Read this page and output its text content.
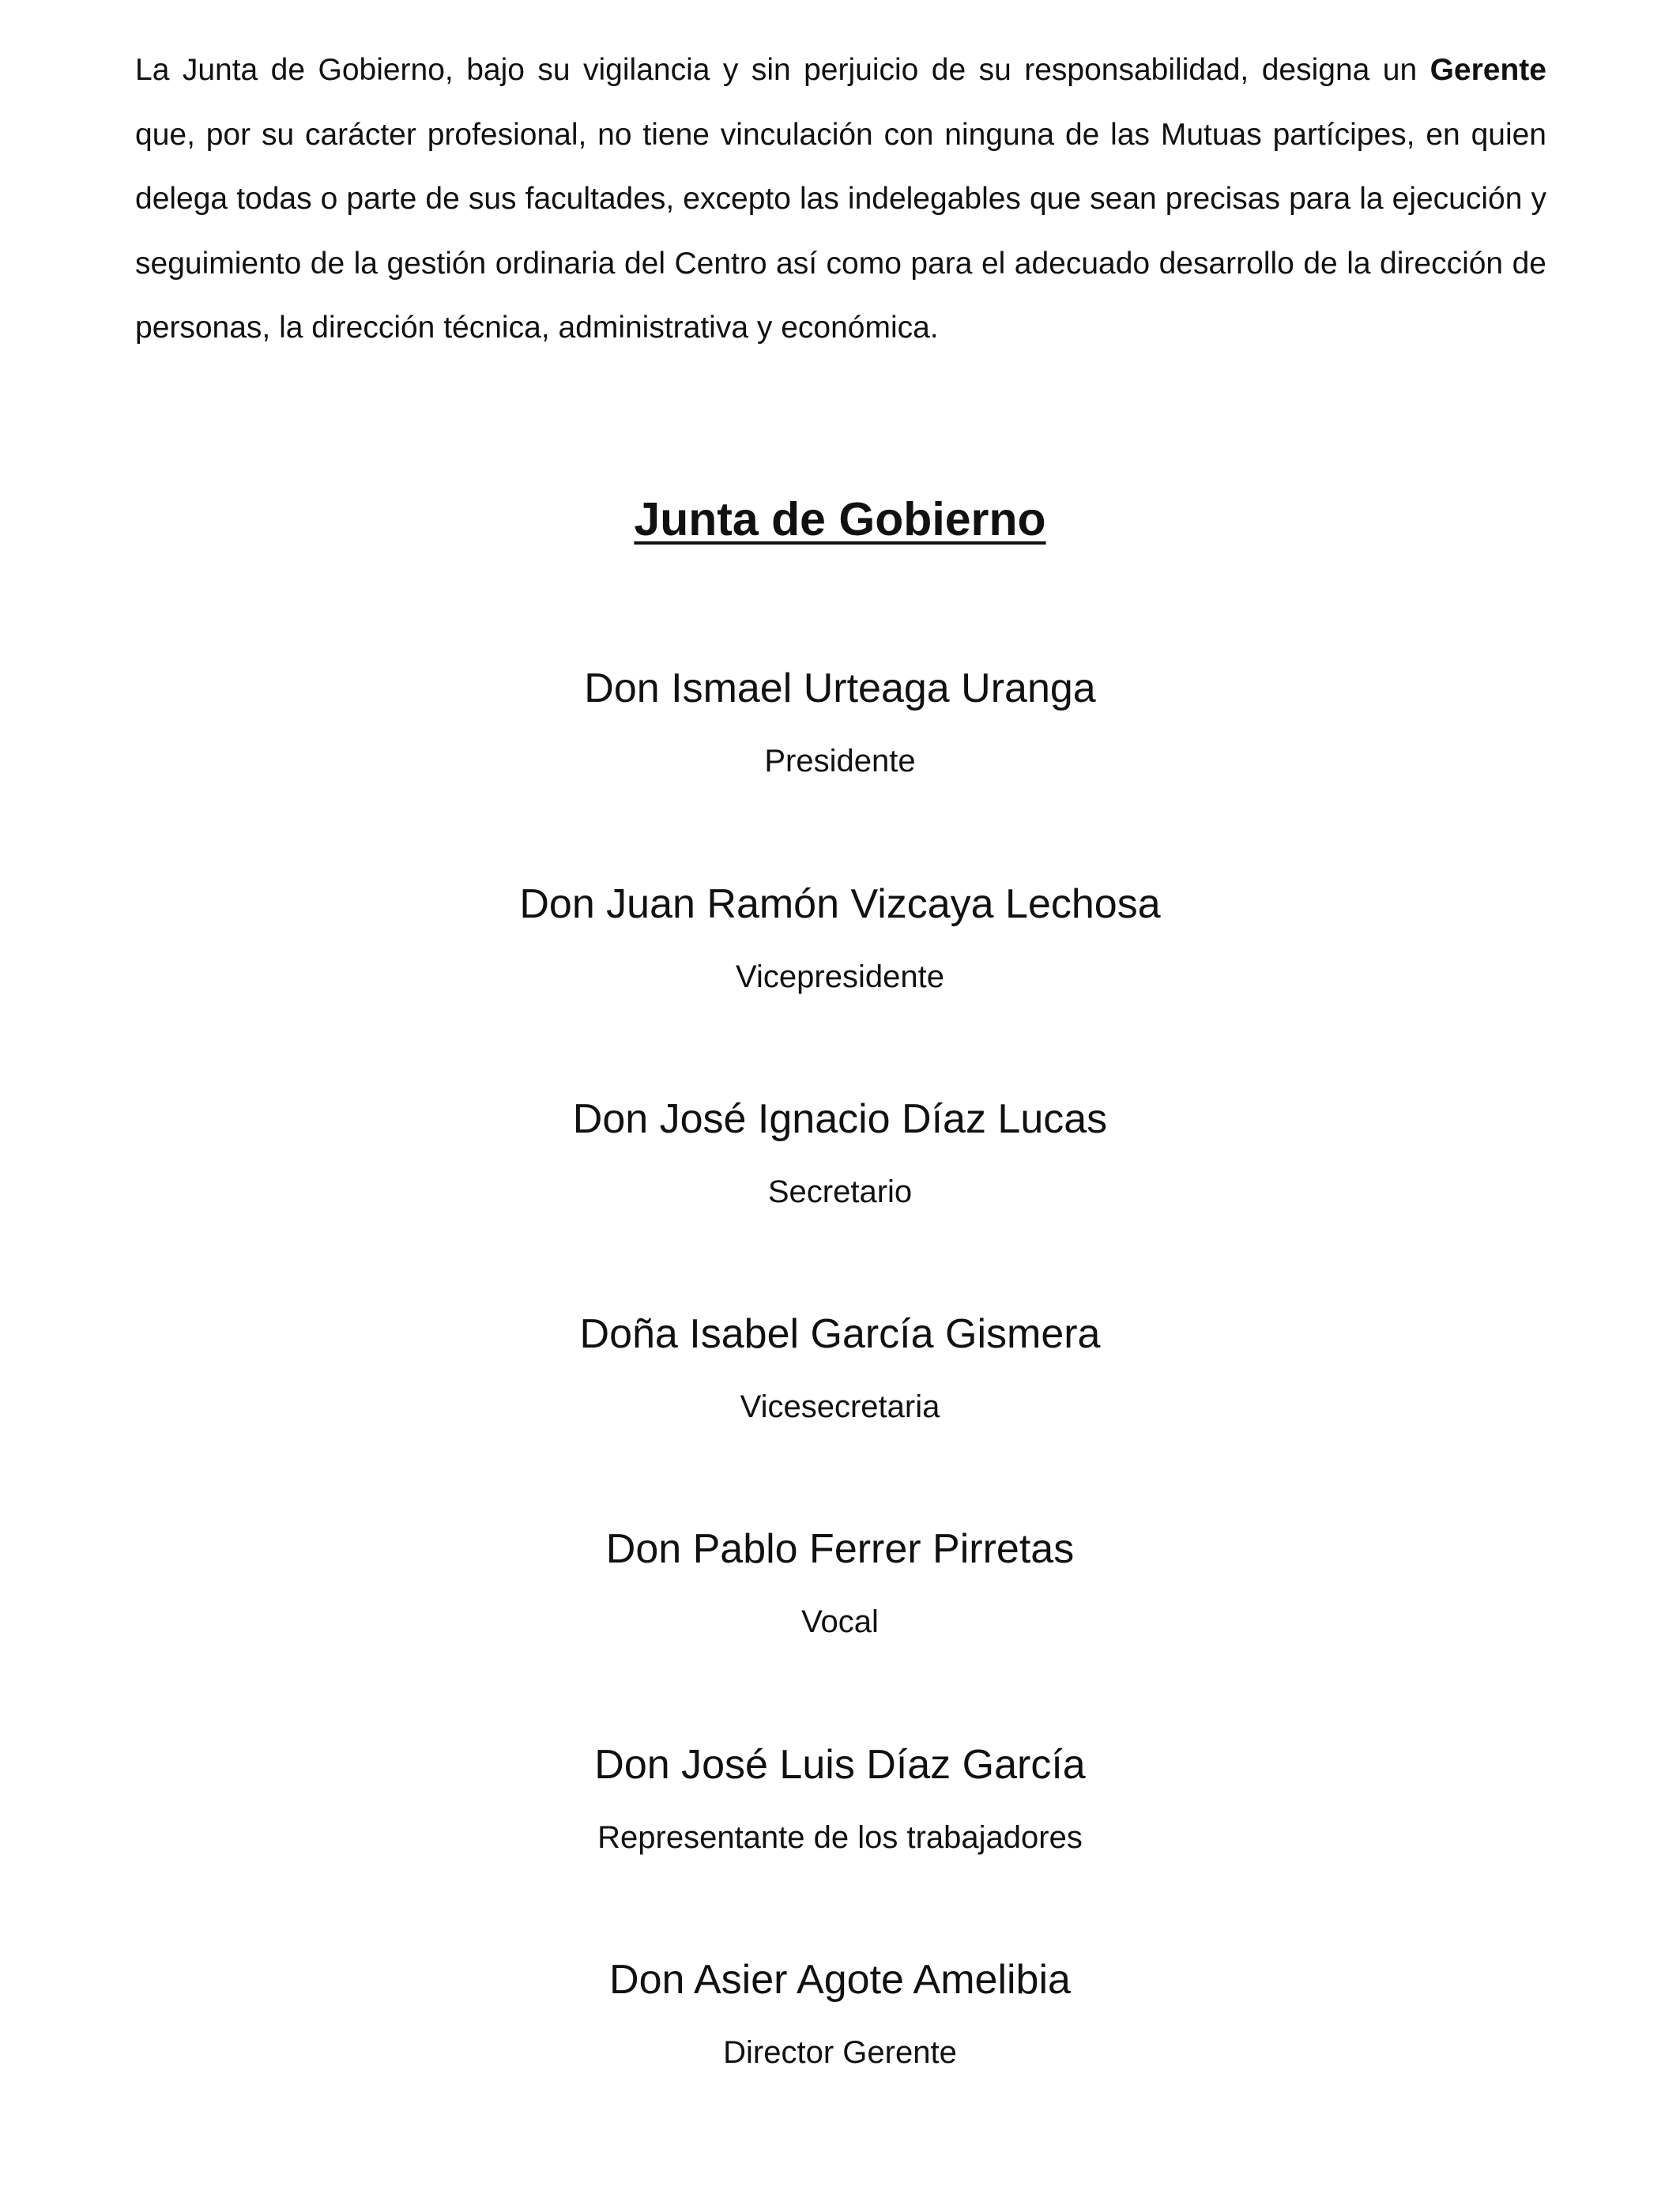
La Junta de Gobierno, bajo su vigilancia y sin perjuicio de su responsabilidad, designa un Gerente que, por su carácter profesional, no tiene vinculación con ninguna de las Mutuas partícipes, en quien delega todas o parte de sus facultades, excepto las indelegables que sean precisas para la ejecución y seguimiento de la gestión ordinaria del Centro así como para el adecuado desarrollo de la dirección de personas, la dirección técnica, administrativa y económica.

Junta de Gobierno
Don Ismael Urteaga Uranga
Presidente
Don Juan Ramón Vizcaya Lechosa
Vicepresidente
Don José Ignacio Díaz Lucas
Secretario
Doña Isabel García Gismera
Vicesecretaria
Don Pablo Ferrer Pirretas
Vocal
Don José Luis Díaz García
Representante de los trabajadores
Don Asier Agote Amelibia
Director Gerente
